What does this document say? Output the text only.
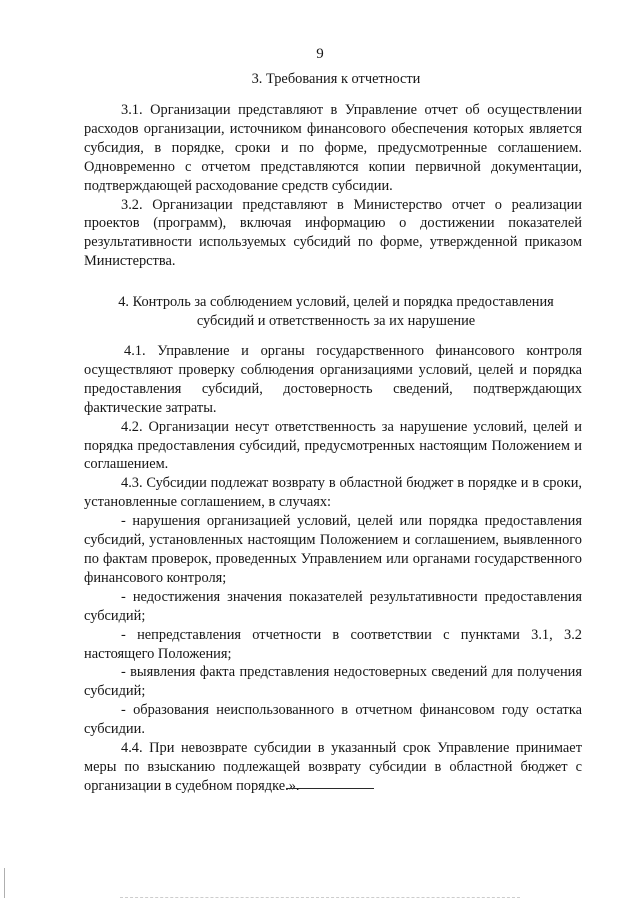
9
3. Требования к отчетности

3.1. Организации представляют в Управление отчет об осуществлении расходов организации, источником финансового обеспечения которых является субсидия, в порядке, сроки и по форме, предусмотренные соглашением. Одновременно с отчетом представляются копии первичной документации, подтверждающей расходование средств субсидии.

3.2. Организации представляют в Министерство отчет о реализации проектов (программ), включая информацию о достижении показателей результативности используемых субсидий по форме, утвержденной приказом Министерства.

4. Контроль за соблюдением условий, целей и порядка предоставления
субсидий и ответственность за их нарушение

4.1. Управление и органы государственного финансового контроля осуществляют проверку соблюдения организациями условий, целей и порядка предоставления субсидий, достоверность сведений, подтверждающих фактические затраты.

4.2. Организации несут ответственность за нарушение условий, целей и порядка предоставления субсидий, предусмотренных настоящим Положением и соглашением.

4.3. Субсидии подлежат возврату в областной бюджет в порядке и в сроки, установленные соглашением, в случаях:

- нарушения организацией условий, целей или порядка предоставления субсидий, установленных настоящим Положением и соглашением, выявленного по фактам проверок, проведенных Управлением или органами государственного финансового контроля;

- недостижения значения показателей результативности предоставления субсидий;

- непредставления отчетности в соответствии с пунктами 3.1, 3.2 настоящего Положения;

- выявления факта представления недостоверных сведений для получения субсидий;

- образования неиспользованного в отчетном финансовом году остатка субсидии.

4.4. При невозврате субсидии в указанный срок Управление принимает меры по взысканию подлежащей возврату субсидии в областной бюджет с организации в судебном порядке.».
